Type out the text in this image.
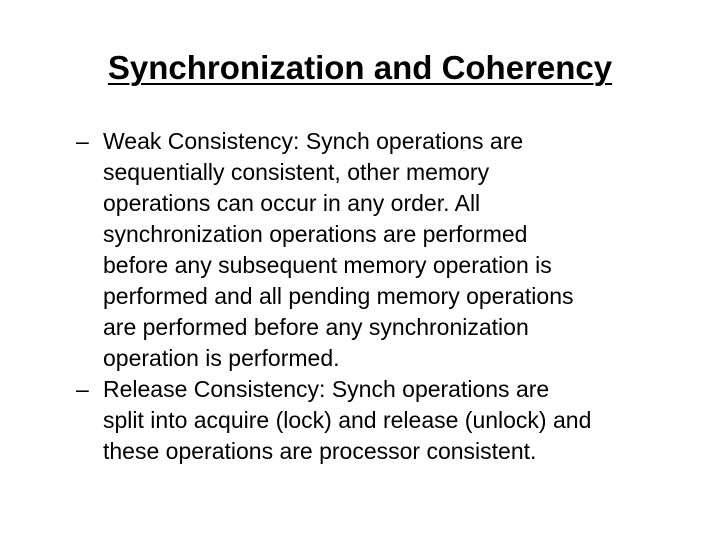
Synchronization and Coherency
– Weak Consistency: Synch operations are
sequentially consistent, other memory
operations can occur in any order. All
synchronization operations are performed
before any subsequent memory operation is
performed and all pending memory operations
are performed before any synchronization
operation is performed.
– Release Consistency: Synch operations are
split into acquire (lock) and release (unlock) and
these operations are processor consistent.
